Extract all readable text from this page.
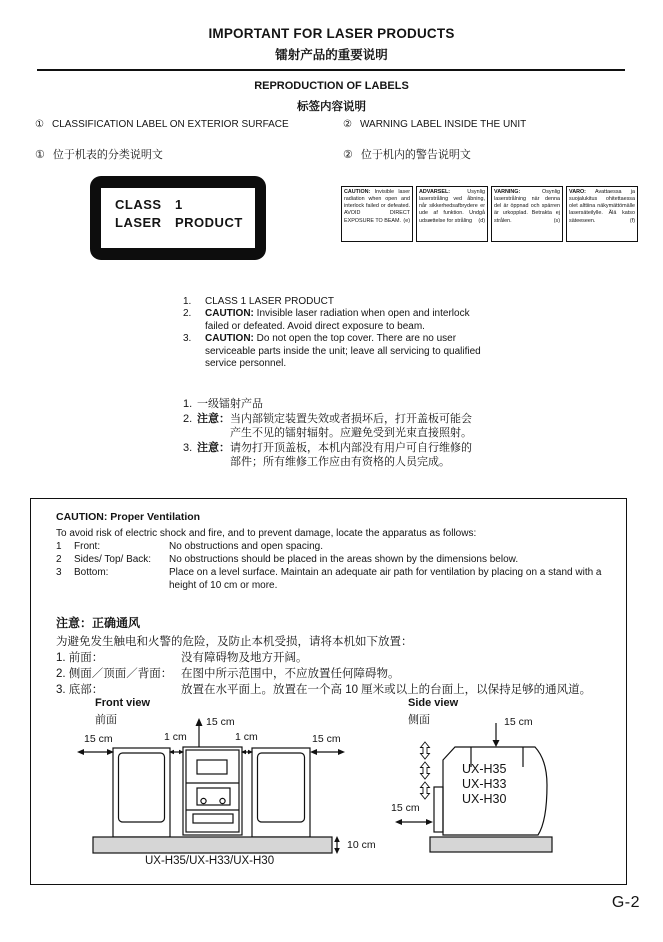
IMPORTANT FOR LASER PRODUCTS
镭射产品的重要说明
REPRODUCTION OF LABELS
标签内容说明
① CLASSIFICATION LABEL ON EXTERIOR SURFACE	② WARNING LABEL INSIDE THE UNIT
① 位于机表的分类说明文	② 位于机内的警告说明文
CLASS	1
LASER	PRODUCT
CAUTION: Invisible laser radiation when open and interlock failed or defeated. AVOID DIRECT EXPOSURE TO BEAM. (e)
ADVARSEL: Usynlig laserstråling ved åbning, når sikkerhedsafbrydere er ude af funktion. Undgå udsættelse for stråling (d)
VARNING: Osynlig laserstrålning när denna del är öppnad och spärren är urkopplad. Betrakta ej strålen.	(s)
VARO: Avattaessa ja suojalukitus ohitettaessa olet alttiina näkymättömälle lasersäteilylle. Älä katso säteeseen.	(f)
1.	CLASS 1 LASER PRODUCT
2.	CAUTION: Invisible laser radiation when open and interlock failed or defeated. Avoid direct exposure to beam.
3.	CAUTION: Do not open the top cover. There are no user serviceable parts inside the unit; leave all servicing to qualified service personnel.
1. 一级镭射产品
2. 注意： 当内部锁定装置失效或者损坏后，打开盖板可能会产生不见的镭射辐射。应避免受到光束直接照射。
3. 注意： 请勿打开顶盖板，本机内部没有用户可自行维修的部件；所有维修工作应由有资格的人员完成。
CAUTION: Proper Ventilation
To avoid risk of electric shock and fire, and to prevent damage, locate the apparatus as follows:
1	Front:	No obstructions and open spacing.
2	Sides/ Top/ Back:	No obstructions should be placed in the areas shown by the dimensions below.
3	Bottom:	Place on a level surface. Maintain an adequate air path for ventilation by placing on a stand with a height of 10 cm or more.
注意：正确通风
为避免发生触电和火警的危险，及防止本机受损，请将本机如下放置：
1. 前面：	没有障碍物及地方开阔。
2. 侧面／顶面／背面： 在图中所示范围中，不应放置任何障碍物。
3. 底部：	放置在水平面上。放置在一个高 10 厘米或以上的台面上，以保持足够的通风道。
Front view
前面	15 cm
15 cm	1 cm	1 cm	15 cm
10 cm
UX-H35/UX-H33/UX-H30
Side view
侧面	15 cm
15 cm
UX-H35
UX-H33
UX-H30
G-2
